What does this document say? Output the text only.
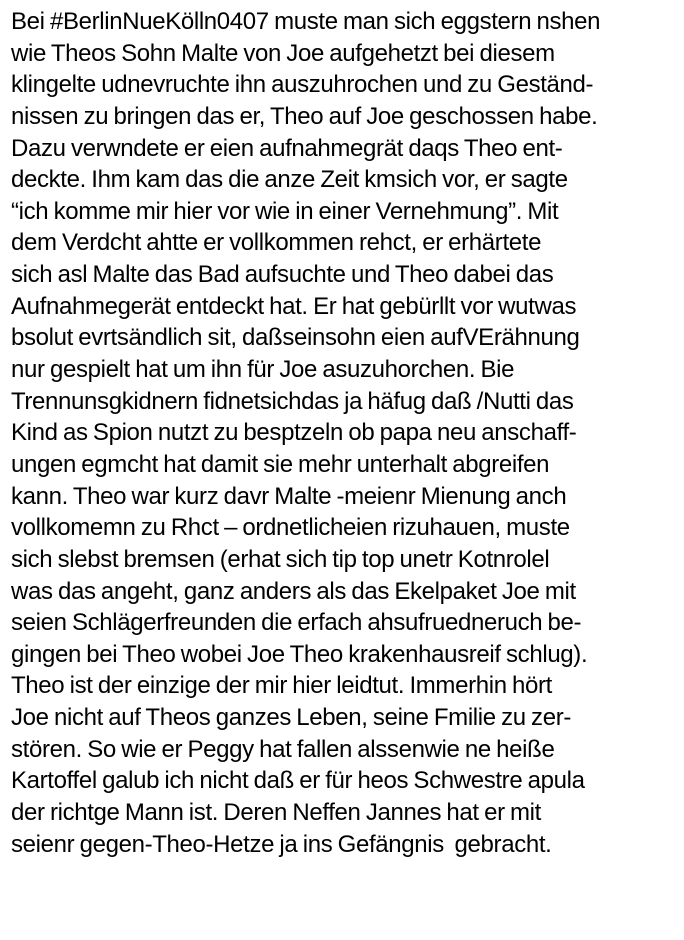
Bei #BerlinNueKölln0407 muste man sich eggstern nshen
wie Theos Sohn Malte von Joe aufgehetzt bei diesem
klingelte udnevruchte ihn auszuhrochen und zu Geständ-
nissen zu bringen das er, Theo auf Joe geschossen habe.
Dazu verwndete er eien aufnahmegrät daqs Theo ent-
deckte. Ihm kam das die anze Zeit kmsich vor, er sagte
“ich komme mir hier vor wie in einer Vernehmung”. Mit
dem Verdcht ahtte er vollkommen rehct, er erhärtete
sich asl Malte das Bad aufsuchte und Theo dabei das
Aufnahmegerät entdeckt hat. Er hat gebürllt vor wutwas
bsolut evrtsändlich sit, daßseinsohn eien aufVErähnung
nur gespielt hat um ihn für Joe asuzuhorchen. Bie
Trennunsgkidnern fidnetsichdas ja häfug daß /Nutti das
Kind as Spion nutzt zu besptzeln ob papa neu anschaff-
ungen egmcht hat damit sie mehr unterhalt abgreifen
kann. Theo war kurz davr Malte -meienr Mienung anch
vollkomemn zu Rhct – ordnetlicheien rizuhauen, muste
sich slebst bremsen (erhat sich tip top unetr Kotnrolel
was das angeht, ganz anders als das Ekelpaket Joe mit
seien Schlägerfreunden die erfach ahsufruedneruch be-
gingen bei Theo wobei Joe Theo krakenhausreif schlug).
Theo ist der einzige der mir hier leidtut. Immerhin hört
Joe nicht auf Theos ganzes Leben, seine Fmilie zu zer-
stören. So wie er Peggy hat fallen alssenwie ne heiße
Kartoffel galub ich nicht daß er für heos Schwestre apula
der richtge Mann ist. Deren Neffen Jannes hat er mit
seienr gegen-Theo-Hetze ja ins Gefängnis  gebracht.
